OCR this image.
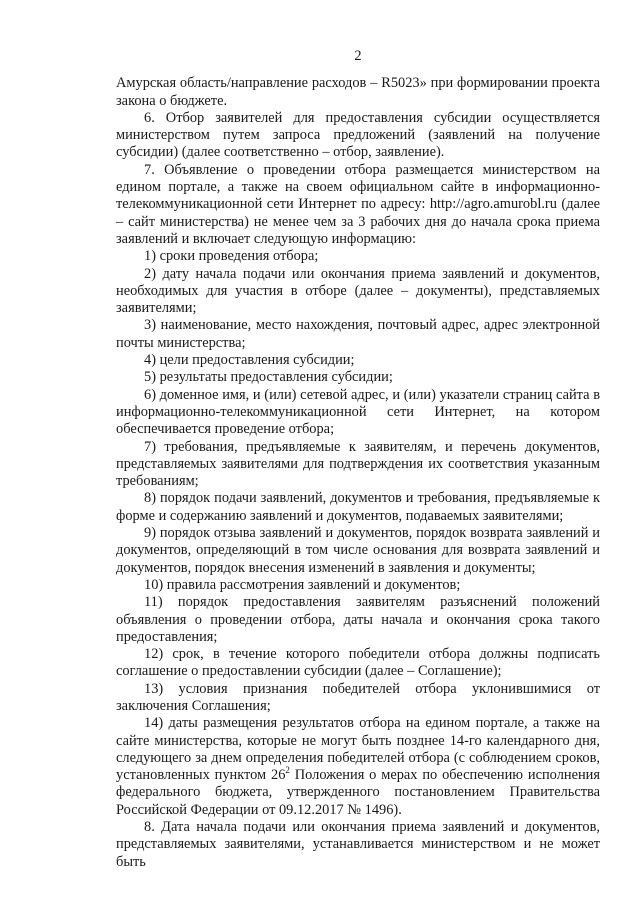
2

Амурская область/направление расходов – R5023» при формировании проекта закона о бюджете.

6. Отбор заявителей для предоставления субсидии осуществляется министерством путем запроса предложений (заявлений на получение субсидии) (далее соответственно – отбор, заявление).

7. Объявление о проведении отбора размещается министерством на едином портале, а также на своем официальном сайте в информационно-телекоммуникационной сети Интернет по адресу: http://agro.amurobl.ru (далее – сайт министерства) не менее чем за 3 рабочих дня до начала срока приема заявлений и включает следующую информацию:

1) сроки проведения отбора;

2) дату начала подачи или окончания приема заявлений и документов, необходимых для участия в отборе (далее – документы), представляемых заявителями;

3) наименование, место нахождения, почтовый адрес, адрес электронной почты министерства;

4) цели предоставления субсидии;

5) результаты предоставления субсидии;

6) доменное имя, и (или) сетевой адрес, и (или) указатели страниц сайта в информационно-телекоммуникационной сети Интернет, на котором обеспечивается проведение отбора;

7) требования, предъявляемые к заявителям, и перечень документов, представляемых заявителями для подтверждения их соответствия указанным требованиям;

8) порядок подачи заявлений, документов и требования, предъявляемые к форме и содержанию заявлений и документов, подаваемых заявителями;

9) порядок отзыва заявлений и документов, порядок возврата заявлений и документов, определяющий в том числе основания для возврата заявлений и документов, порядок внесения изменений в заявления и документы;

10) правила рассмотрения заявлений и документов;

11) порядок предоставления заявителям разъяснений положений объявления о проведении отбора, даты начала и окончания срока такого предоставления;

12) срок, в течение которого победители отбора должны подписать соглашение о предоставлении субсидии (далее – Соглашение);

13) условия признания победителей отбора уклонившимися от заключения Соглашения;

14) даты размещения результатов отбора на едином портале, а также на сайте министерства, которые не могут быть позднее 14-го календарного дня, следующего за днем определения победителей отбора (с соблюдением сроков, установленных пунктом $26^2$ Положения о мерах по обеспечению исполнения федерального бюджета, утвержденного постановлением Правительства Российской Федерации от 09.12.2017 № 1496).

8. Дата начала подачи или окончания приема заявлений и документов, представляемых заявителями, устанавливается министерством и не может быть
